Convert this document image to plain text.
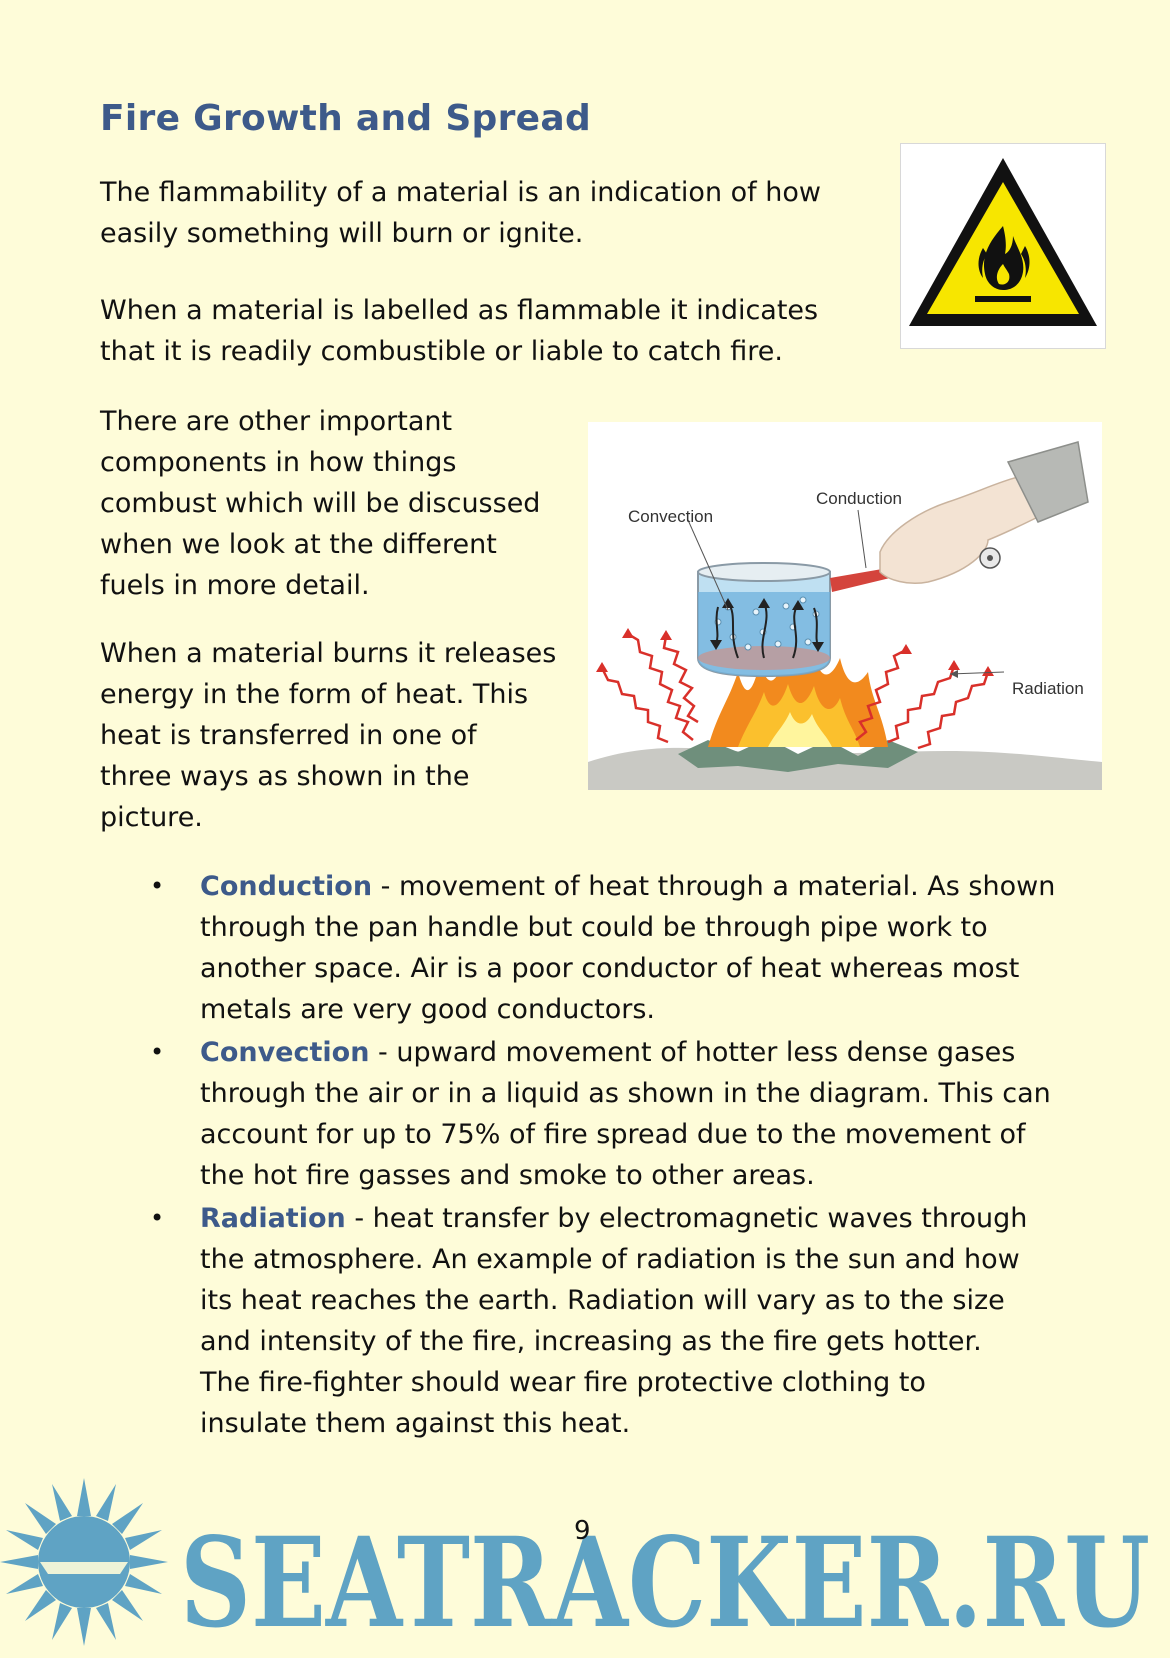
Fire Growth and Spread

The flammability of a material is an indication of how
easily something will burn or ignite.

When a material is labelled as flammable it indicates
that it is readily combustible or liable to catch fire.

There are other important
components in how things
combust which will be discussed
when we look at the different
fuels in more detail.

When a material burns it releases
energy in the form of heat. This
heat is transferred in one of
three ways as shown in the
picture.

Convection
Conduction
Radiation
• Conduction - movement of heat through a material. As shown
through the pan handle but could be through pipe work to
another space. Air is a poor conductor of heat whereas most
metals are very good conductors.
• Convection - upward movement of hotter less dense gases
through the air or in a liquid as shown in the diagram. This can
account for up to 75% of fire spread due to the movement of
the hot fire gasses and smoke to other areas.
• Radiation - heat transfer by electromagnetic waves through
the atmosphere. An example of radiation is the sun and how
its heat reaches the earth. Radiation will vary as to the size
and intensity of the fire, increasing as the fire gets hotter.
The fire-fighter should wear fire protective clothing to
insulate them against this heat.
SEATRACKER.RU
9
